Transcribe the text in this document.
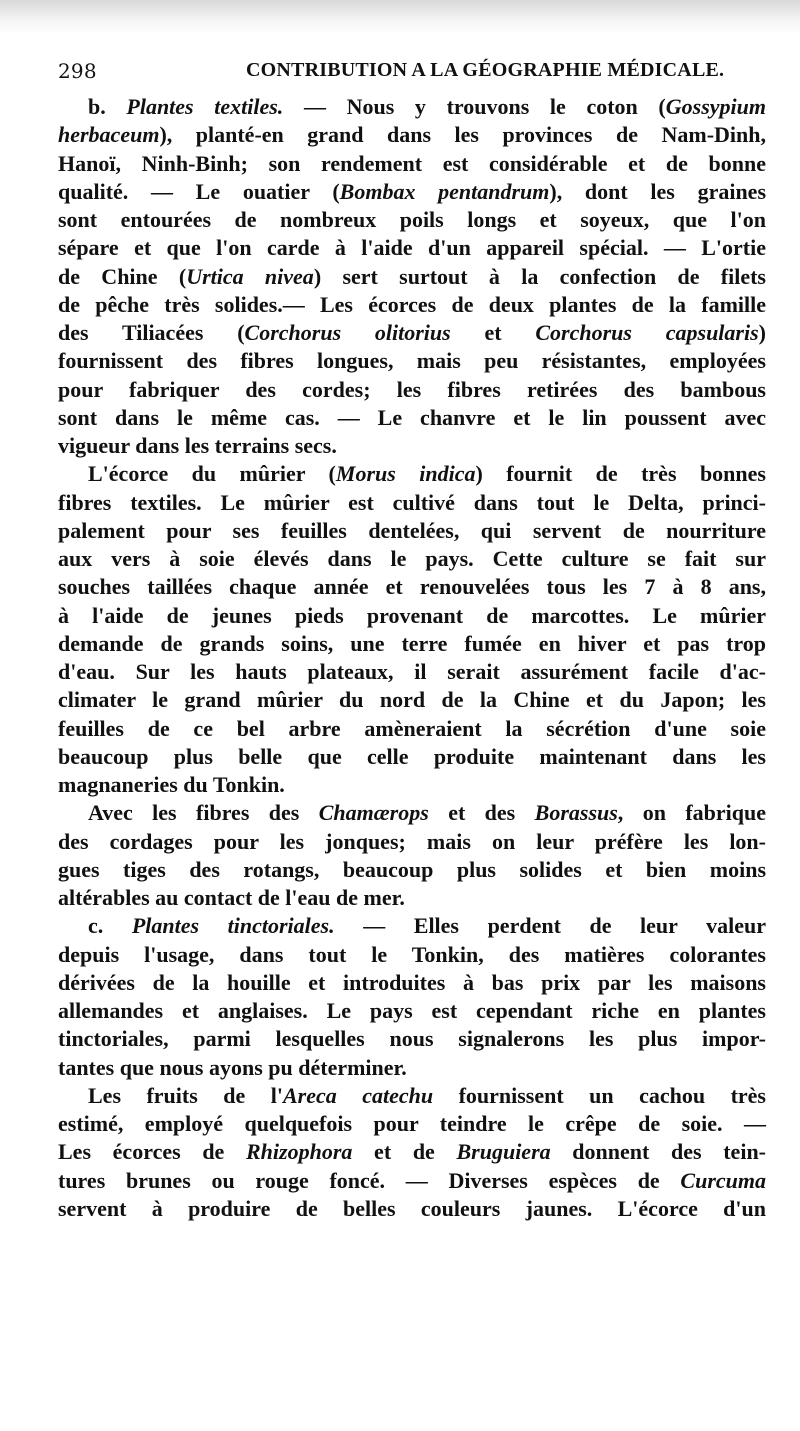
298	CONTRIBUTION A LA GÉOGRAPHIE MÉDICALE.
b. Plantes textiles. — Nous y trouvons le coton (Gossypium
herbaceum), planté-en grand dans les provinces de Nam-Dinh,
Hanoï, Ninh-Binh; son rendement est considérable et de bonne
qualité. — Le ouatier (Bombax pentandrum), dont les graines
sont entourées de nombreux poils longs et soyeux, que l'on
sépare et que l'on carde à l'aide d'un appareil spécial. — L'ortie
de Chine (Urtica nivea) sert surtout à la confection de filets
de pêche très solides.— Les écorces de deux plantes de la famille
des Tiliacées (Corchorus olitorius et Corchorus capsularis)
fournissent des fibres longues, mais peu résistantes, employées
pour fabriquer des cordes; les fibres retirées des bambous
sont dans le même cas. — Le chanvre et le lin poussent avec
vigueur dans les terrains secs.
L'écorce du mûrier (Morus indica) fournit de très bonnes
fibres textiles. Le mûrier est cultivé dans tout le Delta, princi-
palement pour ses feuilles dentelées, qui servent de nourriture
aux vers à soie élevés dans le pays. Cette culture se fait sur
souches taillées chaque année et renouvelées tous les 7 à 8 ans,
à l'aide de jeunes pieds provenant de marcottes. Le mûrier
demande de grands soins, une terre fumée en hiver et pas trop
d'eau. Sur les hauts plateaux, il serait assurément facile d'ac-
climater le grand mûrier du nord de la Chine et du Japon; les
feuilles de ce bel arbre amèneraient la sécrétion d'une soie
beaucoup plus belle que celle produite maintenant dans les
magnaneries du Tonkin.
Avec les fibres des Chamærops et des Borassus, on fabrique
des cordages pour les jonques; mais on leur préfère les lon-
gues tiges des rotangs, beaucoup plus solides et bien moins
altérables au contact de l'eau de mer.
c. Plantes tinctoriales. — Elles perdent de leur valeur
depuis l'usage, dans tout le Tonkin, des matières colorantes
dérivées de la houille et introduites à bas prix par les maisons
allemandes et anglaises. Le pays est cependant riche en plantes
tinctoriales, parmi lesquelles nous signalerons les plus impor-
tantes que nous ayons pu déterminer.
Les fruits de l'Areca catechu fournissent un cachou très
estimé, employé quelquefois pour teindre le crêpe de soie. —
Les écorces de Rhizophora et de Bruguiera donnent des tein-
tures brunes ou rouge foncé. — Diverses espèces de Curcuma
servent à produire de belles couleurs jaunes. L'écorce d'un
